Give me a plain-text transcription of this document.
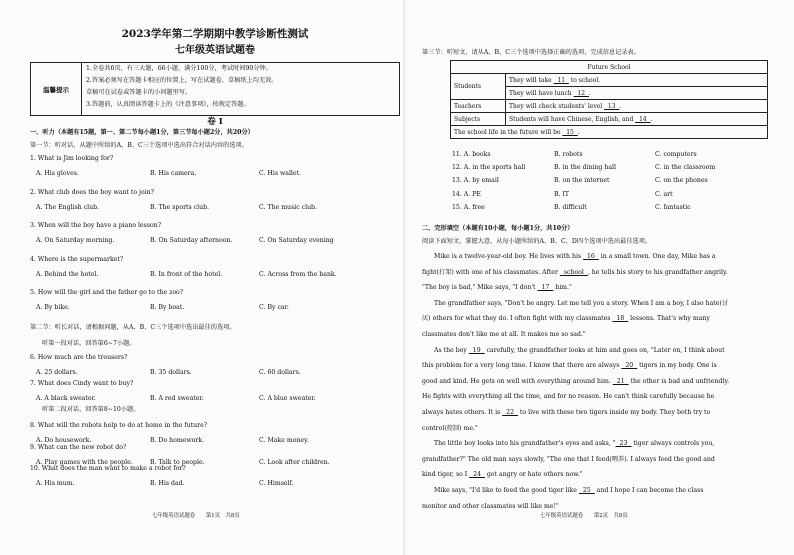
2023学年第二学期期中教学诊断性测试
七年级英语试题卷
温馨提示
1.全卷共6页，有三大题，66小题，满分100分，考试时间90分钟。
2.答案必须写在答题卡相应的位置上，写在试题卷、草稿纸上均无效。
草稿可在试卷或答题卡的小问题里写。
3.答题前，认真阅读答题卡上的《注意事项》，按规定答题。
卷 I
一、听力（本题有15题，第一、第二节每小题1分，第三节每小题2分，共20分）
第一节：听对话，从题中所给的A、B、C三个选项中选出符合对话内容的选项。
1. What is Jim looking for?
A. His gloves.	B. His camera.	C. His wallet.
2. What club does the boy want to join?
A. The English club.	B. The sports club.	C. The music club.
3. When will the boy have a piano lesson?
A. On Saturday morning.	B. On Saturday afternoon.	C. On Saturday evening
4. Where is the supermarket?
A. Behind the hotel.	B. In front of the hotel.	C. Across from the bank.
5. How will the girl and the father go to the zoo?
A. By bike.	B. By boat.	C. By car.
第二节：听长对话，请根据问题，从A、B、C三个选项中选出最佳的选项。
听第一段对话，回答第6~7小题。
6. How much are the trousers?
A. 25 dollars.	B. 35 dollars.	C. 60 dollars.
7. What does Cindy want to buy?
A. A black sweater.	B. A red sweater.	C. A blue sweater.
听第二段对话，回答第8~10小题。
8. What will the robots help to do at home in the future?
A. Do housework.	B. Do homework.	C. Make money.
9. What can the new robot do?
A. Play games with the people.	B. Talk to people.	C. Look after children.
10. What does the man want to make a robot for?
A. His mum.	B. His dad.	C. Himself.
七年级英语试题卷　　第1页　共8页
第三节：听短文，请从A、B、C三个选项中选择正确的选项，完成信息记录表。
Future School	
Students	They will take   11   to school.
	They will have lunch   12 .
Teachers	They will check students' level   13 .
Subjects	Students will have Chinese, English, and   14 .
The school life in the future will be   15 .	
11. A. books	B. robots	C. computers
12. A. in the sports hall	B. in the dining hall	C. in the classroom
13. A. by email	B. on the internet	C. on the phones
14. A. PE	B. IT	C. art
15. A. free	B. difficult	C. fantastic
二、完形填空（本题有10小题，每小题1分，共10分）
阅读下面短文，掌握大意，从每小题所给的A、B、C、D四个选项中选出最佳选项。
Mike is a twelve-year-old boy. He lives with his   16   in a small town. One day, Mike has a
fight(打架) with one of his classmates. After   school , he tells his story to his grandfather angrily.
"The boy is bad," Mike says, "I don't   17   him."
The grandfather says, "Don't be angry. Let me tell you a story. When I am a boy, I also hate(讨
厌) others for what they do. I often fight with my classmates   18   lessons. That's why many
classmates don't like me at all. It makes me so sad."
As the boy   19   carefully, the grandfather looks at him and goes on, "Later on, I think about
this problem for a very long time. I know that there are always   20   tigers in my body. One is
good and kind. He gets on well with everything around him.   21   the other is bad and unfriendly.
He fights with everything all the time, and for no reason. He can't think carefully because he
always hates others. It is   22   to live with these two tigers inside my body. They both try to
control(控制) me."
The little boy looks into his grandfather's eyes and asks, " 23   tiger always controls you,
grandfather?" The old man says slowly, "The one that I feed(喂养). I always feed the good and
kind tiger, so I   24   get angry or hate others now."
Mike says, "I'd like to feed the good tiger like   25   and I hope I can become the class
monitor and other classmates will like me!"
七年级英语试题卷　　第2页　共8页
